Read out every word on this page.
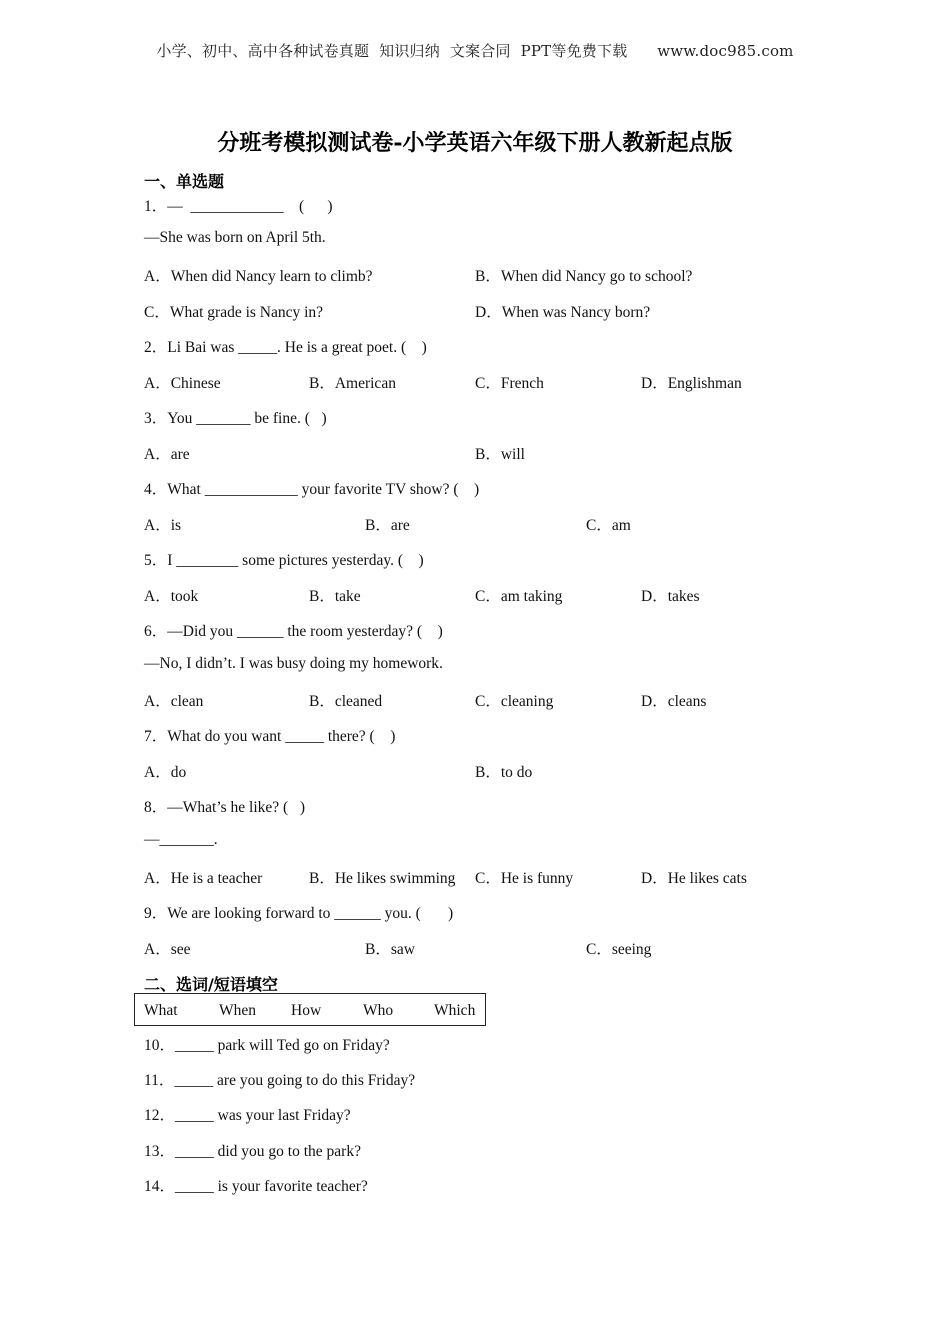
小学、初中、高中各种试卷真题  知识归纳  文案合同  PPT等免费下载      www.doc985.com
分班考模拟测试卷-小学英语六年级下册人教新起点版
一、单选题
1．—  ____________    (      )
—She was born on April 5th.
A．When did Nancy learn to climb?	B．When did Nancy go to school?
C．What grade is Nancy in?	D．When was Nancy born?
2．Li Bai was _____. He is a great poet. (    )
A．Chinese	B．American	C．French	D．Englishman
3．You _______ be fine. (   )
A．are	B．will
4．What ____________ your favorite TV show? (    )
A．is	B．are	C．am
5．I ________ some pictures yesterday. (    )
A．took	B．take	C．am taking	D．takes
6．—Did you ______ the room yesterday? (    )
—No, I didn’t. I was busy doing my homework.
A．clean	B．cleaned	C．cleaning	D．cleans
7．What do you want _____ there? (    )
A．do	B．to do
8．—What’s he like? (   )
—_______.
A．He is a teacher	B．He likes swimming C．He is funny	D．He likes cats
9．We are looking forward to ______ you. (       )
A．see	B．saw	C．seeing
二、选词/短语填空
What	When How	Who	Which
10．_____ park will Ted go on Friday?
11．_____ are you going to do this Friday?
12．_____ was your last Friday?
13．_____ did you go to the park?
14．_____ is your favorite teacher?
